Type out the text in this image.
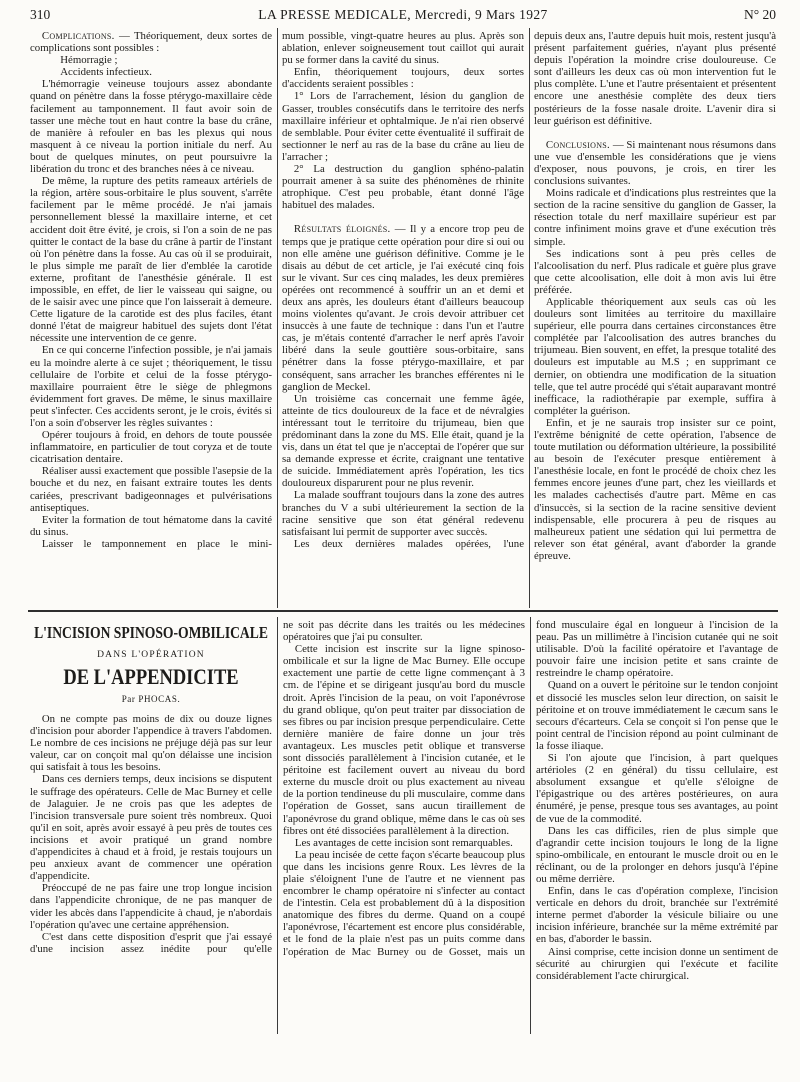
310	LA PRESSE MEDICALE, Mercredi, 9 Mars 1927	N° 20

Complications. — Théoriquement, deux sortes de complications sont possibles :

Hémorragie ;

Accidents infectieux.

L'hémorragie veineuse toujours assez abondante quand on pénètre dans la fosse ptérygo-maxillaire cède facilement au tamponnement. Il faut avoir soin de tasser une mèche tout en haut contre la base du crâne, de manière à refouler en bas les plexus qui nous masquent à ce niveau la portion initiale du nerf. Au bout de quelques minutes, on peut poursuivre la libération du tronc et des branches nées à ce niveau.

De même, la rupture des petits rameaux artériels de la région, artère sous-orbitaire le plus souvent, s'arrête facilement par le même procédé. Je n'ai jamais personnellement blessé la maxillaire interne, et cet accident doit être évité, je crois, si l'on a soin de ne pas quitter le contact de la base du crâne à partir de l'instant où l'on pénètre dans la fosse. Au cas où il se produirait, le plus simple me paraît de lier d'emblée la carotide externe, profitant de l'anesthésie générale. Il est impossible, en effet, de lier le vaisseau qui saigne, ou de le saisir avec une pince que l'on laisserait à demeure. Cette ligature de la carotide est des plus faciles, étant donné l'état de maigreur habituel des sujets dont l'état nécessite une intervention de ce genre.

En ce qui concerne l'infection possible, je n'ai jamais eu la moindre alerte à ce sujet ; théoriquement, le tissu cellulaire de l'orbite et celui de la fosse ptérygo-maxillaire pourraient être le siège de phlegmons évidemment fort graves. De même, le sinus maxillaire peut s'infecter. Ces accidents seront, je le crois, évités si l'on a soin d'observer les règles suivantes :

Opérer toujours à froid, en dehors de toute poussée inflammatoire, en particulier de tout coryza et de toute cicatrisation dentaire.

Réaliser aussi exactement que possible l'asepsie de la bouche et du nez, en faisant extraire toutes les dents cariées, prescrivant badigeonnages et pulvérisations antiseptiques.

Eviter la formation de tout hématome dans la cavité du sinus.

Laisser le tamponnement en place le mini-

mum possible, vingt-quatre heures au plus. Après son ablation, enlever soigneusement tout caillot qui aurait pu se former dans la cavité du sinus.

Enfin, théoriquement toujours, deux sortes d'accidents seraient possibles :

1° Lors de l'arrachement, lésion du ganglion de Gasser, troubles consécutifs dans le territoire des nerfs maxillaire inférieur et ophtalmique. Je n'ai rien observé de semblable. Pour éviter cette éventualité il suffirait de sectionner le nerf au ras de la base du crâne au lieu de l'arracher ;

2° La destruction du ganglion sphéno-palatin pourrait amener à sa suite des phénomènes de rhinite atrophique. C'est peu probable, étant donné l'âge habituel des malades.

Résultats éloignés. — Il y a encore trop peu de temps que je pratique cette opération pour dire si oui ou non elle amène une guérison définitive. Comme je le disais au début de cet article, je l'ai exécuté cinq fois sur le vivant. Sur ces cinq malades, les deux premières opérées ont recommencé à souffrir un an et demi et deux ans après, les douleurs étant d'ailleurs beaucoup moins violentes qu'avant. Je crois devoir attribuer cet insuccès à une faute de technique : dans l'un et l'autre cas, je m'étais contenté d'arracher le nerf après l'avoir libéré dans la seule gouttière sous-orbitaire, sans pénétrer dans la fosse ptérygo-maxillaire, et par conséquent, sans arracher les branches efférentes ni le ganglion de Meckel.

Un troisième cas concernait une femme âgée, atteinte de tics douloureux de la face et de névralgies intéressant tout le territoire du trijumeau, bien que prédominant dans la zone du MS. Elle était, quand je la vis, dans un état tel que je n'acceptai de l'opérer que sur sa demande expresse et écrite, craignant une tentative de suicide. Immédiatement après l'opération, les tics douloureux disparurent pour ne plus revenir.

La malade souffrant toujours dans la zone des autres branches du V a subi ultérieurement la section de la racine sensitive que son état général redevenu satisfaisant lui permit de supporter avec succès.

Les deux dernières malades opérées, l'une

depuis deux ans, l'autre depuis huit mois, restent jusqu'à présent parfaitement guéries, n'ayant plus présenté depuis l'opération la moindre crise douloureuse. Ce sont d'ailleurs les deux cas où mon intervention fut le plus complète. L'une et l'autre présentaient et présentent encore une anesthésie complète des deux tiers postérieurs de la fosse nasale droite. L'avenir dira si leur guérison est définitive.

Conclusions. — Si maintenant nous résumons dans une vue d'ensemble les considérations que je viens d'exposer, nous pouvons, je crois, en tirer les conclusions suivantes.

Moins radicale et d'indications plus restreintes que la section de la racine sensitive du ganglion de Gasser, la résection totale du nerf maxillaire supérieur est par contre infiniment moins grave et d'une exécution très simple.

Ses indications sont à peu près celles de l'alcoolisation du nerf. Plus radicale et guère plus grave que cette alcoolisation, elle doit à mon avis lui être préférée.

Applicable théoriquement aux seuls cas où les douleurs sont limitées au territoire du maxillaire supérieur, elle pourra dans certaines circonstances être complétée par l'alcoolisation des autres branches du trijumeau. Bien souvent, en effet, la presque totalité des douleurs est imputable au M.S ; en supprimant ce dernier, on obtiendra une modification de la situation telle, que tel autre procédé qui s'était auparavant montré inefficace, la radiothérapie par exemple, suffira à compléter la guérison.

Enfin, et je ne saurais trop insister sur ce point, l'extrême bénignité de cette opération, l'absence de toute mutilation ou déformation ultérieure, la possibilité au besoin de l'exécuter presque entièrement à l'anesthésie locale, en font le procédé de choix chez les femmes encore jeunes d'une part, chez les vieillards et les malades cachectisés d'autre part. Même en cas d'insuccès, si la section de la racine sensitive devient indispensable, elle procurera à peu de risques au malheureux patient une sédation qui lui permettra de relever son état général, avant d'aborder la grande épreuve.

L'INCISION SPINOSO-OMBILICALE
DANS L'OPÉRATION
DE L'APPENDICITE
Par PHOCAS.

On ne compte pas moins de dix ou douze lignes d'incision pour aborder l'appendice à travers l'abdomen. Le nombre de ces incisions ne préjuge déjà pas sur leur valeur, car on conçoit mal qu'on délaisse une incision qui satisfait à tous les besoins.

Dans ces derniers temps, deux incisions se disputent le suffrage des opérateurs. Celle de Mac Burney et celle de Jalaguier. Je ne crois pas que les adeptes de l'incision transversale pure soient très nombreux. Quoi qu'il en soit, après avoir essayé à peu près de toutes ces incisions et avoir pratiqué un grand nombre d'appendicites à chaud et à froid, je restais toujours un peu anxieux avant de commencer une opération d'appendicite.

Préoccupé de ne pas faire une trop longue incision dans l'appendicite chronique, de ne pas manquer de vider les abcès dans l'appendicite à chaud, je n'abordais l'opération qu'avec une certaine appréhension.

C'est dans cette disposition d'esprit que j'ai essayé d'une incision assez inédite pour qu'elle

ne soit pas décrite dans les traités ou les médecines opératoires que j'ai pu consulter.

Cette incision est inscrite sur la ligne spinoso-ombilicale et sur la ligne de Mac Burney. Elle occupe exactement une partie de cette ligne commençant à 3 cm. de l'épine et se dirigeant jusqu'au bord du muscle droit. Après l'incision de la peau, on voit l'aponévrose du grand oblique, qu'on peut traiter par dissociation de ses fibres ou par incision presque perpendiculaire. Cette dernière manière de faire donne un jour très avantageux. Les muscles petit oblique et transverse sont dissociés parallèlement à l'incision cutanée, et le péritoine est facilement ouvert au niveau du bord externe du muscle droit ou plus exactement au niveau de la portion tendineuse du pli musculaire, comme dans l'opération de Gosset, sans aucun tiraillement de l'aponévrose du grand oblique, même dans le cas où ses fibres ont été dissociées parallèlement à la direction.

Les avantages de cette incision sont remarquables.

La peau incisée de cette façon s'écarte beaucoup plus que dans les incisions genre Roux. Les lèvres de la plaie s'éloignent l'une de l'autre et ne viennent pas encombrer le champ opératoire ni s'infecter au contact de l'intestin. Cela est probablement dû à la disposition anatomique des fibres du derme. Quand on a coupé l'aponévrose, l'écartement est encore plus considérable, et le fond de la plaie n'est pas un puits comme dans l'opération de Mac Burney ou de Gosset, mais un

fond musculaire égal en longueur à l'incision de la peau. Pas un millimètre à l'incision cutanée qui ne soit utilisable. D'où la facilité opératoire et l'avantage de pouvoir faire une incision petite et sans crainte de restreindre le champ opératoire.

Quand on a ouvert le péritoine sur le tendon conjoint et dissocié les muscles selon leur direction, on saisit le péritoine et on trouve immédiatement le cæcum sans le secours d'écarteurs. Cela se conçoit si l'on pense que le point central de l'incision répond au point culminant de la fosse iliaque.

Si l'on ajoute que l'incision, à part quelques artérioles (2 en général) du tissu cellulaire, est absolument exsangue et qu'elle s'éloigne de l'épigastrique ou des artères postérieures, on aura énuméré, je pense, presque tous ses avantages, au point de vue de la commodité.

Dans les cas difficiles, rien de plus simple que d'agrandir cette incision toujours le long de la ligne spino-ombilicale, en entourant le muscle droit ou en le réclinant, ou de la prolonger en dehors jusqu'à l'épine ou même derrière.

Enfin, dans le cas d'opération complexe, l'incision verticale en dehors du droit, branchée sur l'extrémité interne permet d'aborder la vésicule biliaire ou une incision inférieure, branchée sur la même extrémité par en bas, d'aborder le bassin.

Ainsi comprise, cette incision donne un sentiment de sécurité au chirurgien qui l'exécute et facilite considérablement l'acte chirurgical.
